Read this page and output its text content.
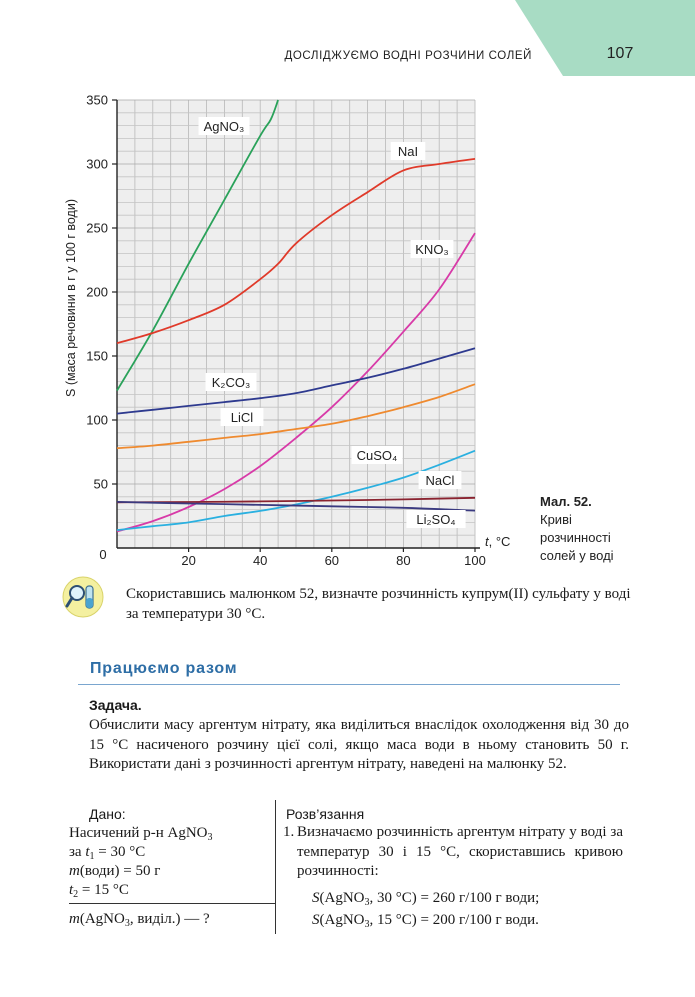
ДОСЛІДЖУЄМО ВОДНІ РОЗЧИНИ СОЛЕЙ	107
50
100
150
200
250
300
350
0	20	40	60	80	100
AgNO₃
NaI
KNO₃
K₂CO₃
LiCl
CuSO₄
NaCl
Li₂SO₄
S (маса речовини в г у 100 г води)
t, °C
Мал. 52.
Криві
розчинності
солей у воді
Скориставшись малюнком 52, визначте розчинність купрум(II) сульфату у воді за температури 30 °С.
Працюємо разом
Задача.
Обчислити масу аргентум нітрату, яка виділиться внаслідок охолодження від 30 до 15 °С насиченого розчину цієї солі, якщо маса води в ньому становить 50 г. Використати дані з розчинності аргентум нітрату, наведені на малюнку 52.
Дано:
Насичений р-н AgNO$_3$
за $t_1 = 30$ °С
m(води) = 50 г
$t_2 = 15$ °С
m(AgNO$_3$, виділ.) — ?
Розв’язання
1. Визначаємо розчинність аргентум нітрату у воді за температур 30 і 15 °С, скориставшись кривою розчинності:
S(AgNO$_3$, 30 °С) = 260 г/100 г води;
S(AgNO$_3$, 15 °С) = 200 г/100 г води.
